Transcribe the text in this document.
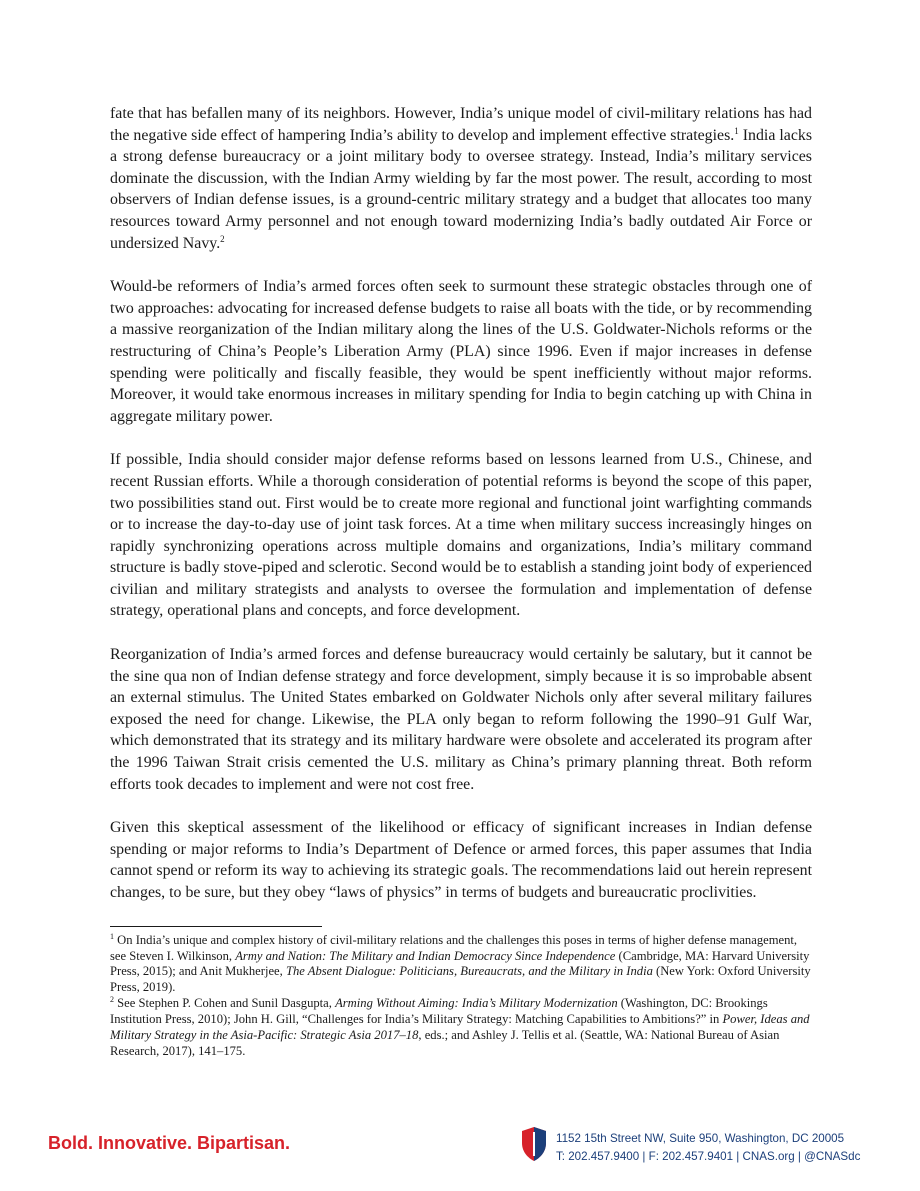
fate that has befallen many of its neighbors. However, India’s unique model of civil-military relations has had the negative side effect of hampering India’s ability to develop and implement effective strategies.$^1$ India lacks a strong defense bureaucracy or a joint military body to oversee strategy. Instead, India’s military services dominate the discussion, with the Indian Army wielding by far the most power. The result, according to most observers of Indian defense issues, is a ground-centric military strategy and a budget that allocates too many resources toward Army personnel and not enough toward modernizing India’s badly outdated Air Force or undersized Navy.$^2$

Would-be reformers of India’s armed forces often seek to surmount these strategic obstacles through one of two approaches: advocating for increased defense budgets to raise all boats with the tide, or by recommending a massive reorganization of the Indian military along the lines of the U.S. Goldwater-Nichols reforms or the restructuring of China’s People’s Liberation Army (PLA) since 1996. Even if major increases in defense spending were politically and fiscally feasible, they would be spent inefficiently without major reforms. Moreover, it would take enormous increases in military spending for India to begin catching up with China in aggregate military power.

If possible, India should consider major defense reforms based on lessons learned from U.S., Chinese, and recent Russian efforts. While a thorough consideration of potential reforms is beyond the scope of this paper, two possibilities stand out. First would be to create more regional and functional joint warfighting commands or to increase the day-to-day use of joint task forces. At a time when military success increasingly hinges on rapidly synchronizing operations across multiple domains and organizations, India’s military command structure is badly stove-piped and sclerotic. Second would be to establish a standing joint body of experienced civilian and military strategists and analysts to oversee the formulation and implementation of defense strategy, operational plans and concepts, and force development.

Reorganization of India’s armed forces and defense bureaucracy would certainly be salutary, but it cannot be the sine qua non of Indian defense strategy and force development, simply because it is so improbable absent an external stimulus. The United States embarked on Goldwater Nichols only after several military failures exposed the need for change. Likewise, the PLA only began to reform following the 1990–91 Gulf War, which demonstrated that its strategy and its military hardware were obsolete and accelerated its program after the 1996 Taiwan Strait crisis cemented the U.S. military as China’s primary planning threat. Both reform efforts took decades to implement and were not cost free.

Given this skeptical assessment of the likelihood or efficacy of significant increases in Indian defense spending or major reforms to India’s Department of Defence or armed forces, this paper assumes that India cannot spend or reform its way to achieving its strategic goals. The recommendations laid out herein represent changes, to be sure, but they obey “laws of physics” in terms of budgets and bureaucratic proclivities.

$^1$ On India’s unique and complex history of civil-military relations and the challenges this poses in terms of higher defense management, see Steven I. Wilkinson, Army and Nation: The Military and Indian Democracy Since Independence (Cambridge, MA: Harvard University Press, 2015); and Anit Mukherjee, The Absent Dialogue: Politicians, Bureaucrats, and the Military in India (New York: Oxford University Press, 2019).

$^2$ See Stephen P. Cohen and Sunil Dasgupta, Arming Without Aiming: India’s Military Modernization (Washington, DC: Brookings Institution Press, 2010); John H. Gill, “Challenges for India’s Military Strategy: Matching Capabilities to Ambitions?” in Power, Ideas and Military Strategy in the Asia-Pacific: Strategic Asia 2017–18, eds.; and Ashley J. Tellis et al. (Seattle, WA: National Bureau of Asian Research, 2017), 141–175.

Bold. Innovative. Bipartisan.	1152 15th Street NW, Suite 950, Washington, DC 20005
T: 202.457.9400 | F: 202.457.9401 | CNAS.org | @CNASdc
